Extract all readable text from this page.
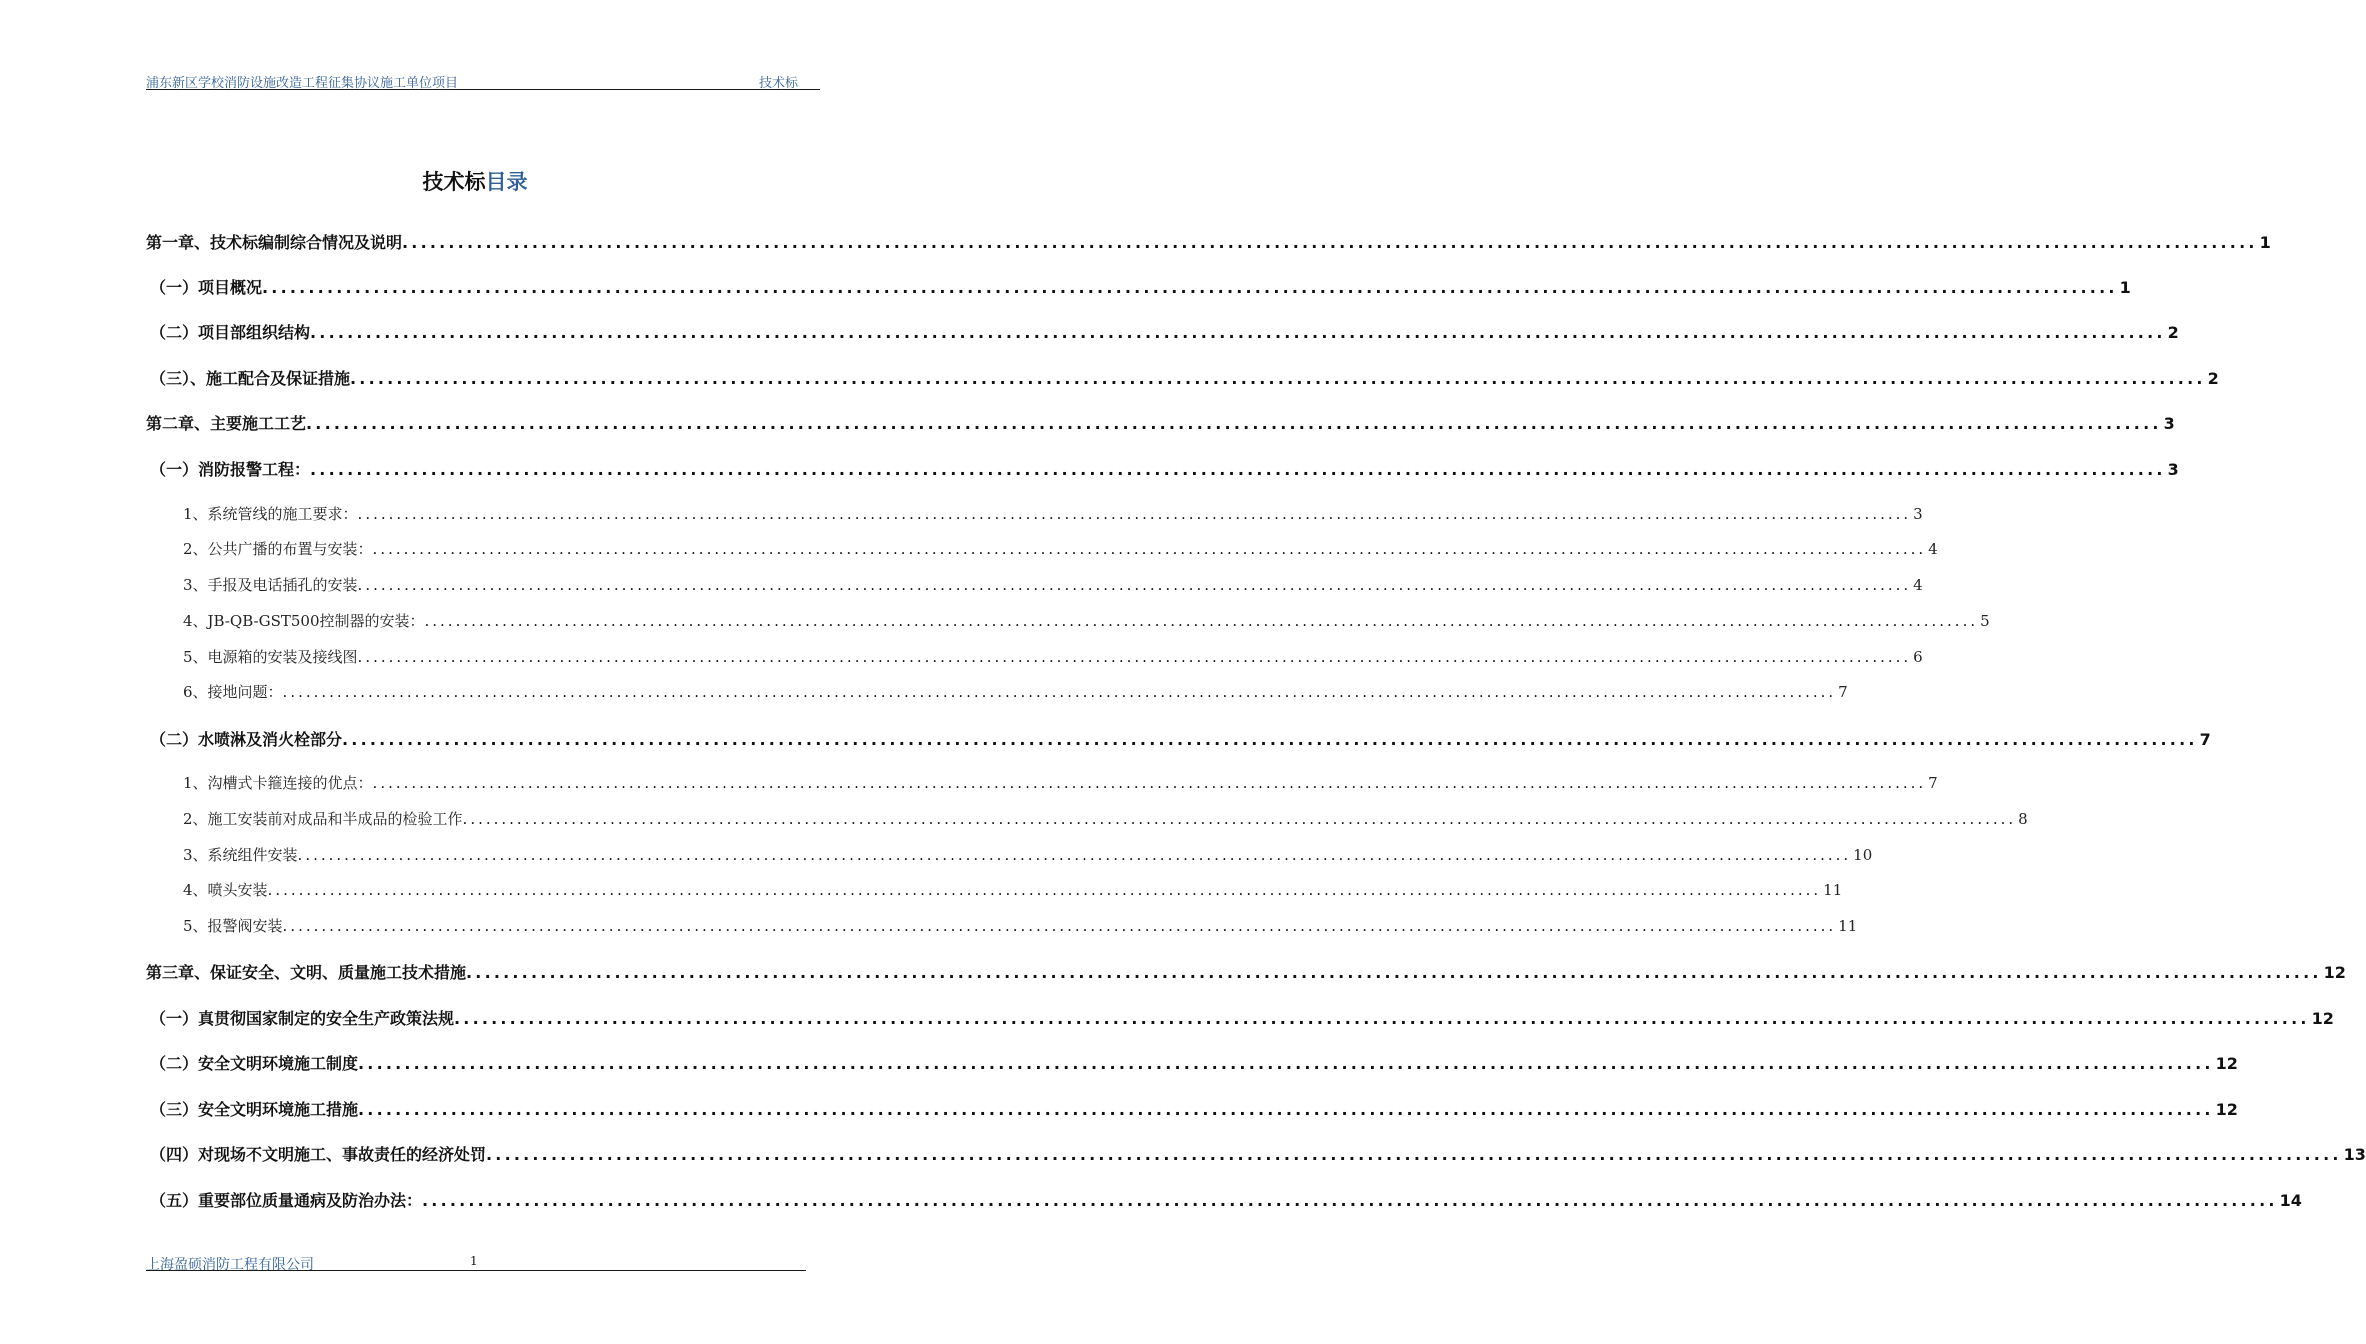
浦东新区学校消防设施改造工程征集协议施工单位项目	技术标
技术标目录
第一章、技术标编制综合情况及说明 ........................................................................................................................................................................................................ 1
（一）项目概况 ........................................................................................................................................................................................................ 1
（二）项目部组织结构 ........................................................................................................................................................................................................ 2
（三）、施工配合及保证措施 ........................................................................................................................................................................................................ 2
第二章、主要施工工艺 ........................................................................................................................................................................................................ 3
（一）消防报警工程： ........................................................................................................................................................................................................ 3
1、系统管线的施工要求： ........................................................................................................................................................................................................ 3
2、公共广播的布置与安装： ........................................................................................................................................................................................................ 4
3、手报及电话插孔的安装 ........................................................................................................................................................................................................ 4
4、JB-QB-GST500控制器的安装： ........................................................................................................................................................................................................ 5
5、电源箱的安装及接线图 ........................................................................................................................................................................................................ 6
6、接地问题： ........................................................................................................................................................................................................ 7
（二）水喷淋及消火栓部分 ........................................................................................................................................................................................................ 7
1、沟槽式卡箍连接的优点： ........................................................................................................................................................................................................ 7
2、施工安装前对成品和半成品的检验工作 ........................................................................................................................................................................................................ 8
3、系统组件安装 ........................................................................................................................................................................................................ 10
4、喷头安装 ........................................................................................................................................................................................................ 11
5、报警阀安装 ........................................................................................................................................................................................................ 11
第三章、保证安全、文明、质量施工技术措施 ........................................................................................................................................................................................................ 12
（一）真贯彻国家制定的安全生产政策法规 ........................................................................................................................................................................................................ 12
（二）安全文明环境施工制度 ........................................................................................................................................................................................................ 12
（三）安全文明环境施工措施 ........................................................................................................................................................................................................ 12
（四）对现场不文明施工、事故责任的经济处罚 ........................................................................................................................................................................................................ 13
（五）重要部位质量通病及防治办法： ........................................................................................................................................................................................................ 14
上海盈硕消防工程有限公司	1
